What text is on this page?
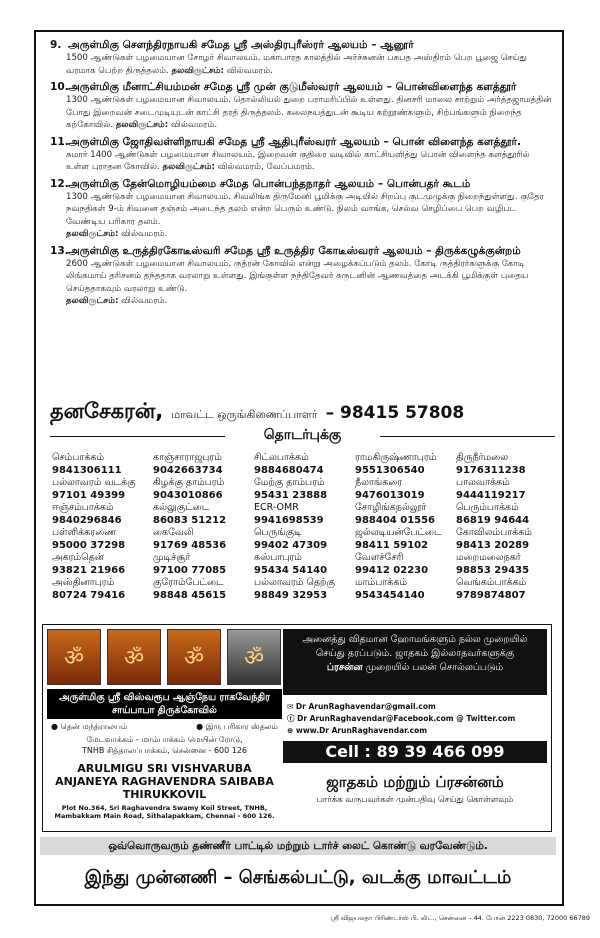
9. அருள்மிகு சௌந்திரநாயகி சமேத ஸ்ரீ அஸ்திரபுரீஸ்ரர் ஆலயம் – ஆனூர்
1500 ஆண்டுகள் பழமையான சோழர் சிவாலயம். மகாபாரத காலத்தில் அர்ச்சுனன் பசுபத அஸ்திரம் பெற பூஜை செய்து வரமாக பெற்ற திருத்தலம். தலவிருட்சம்: வில்வமரம்.
10. அருள்மிகு மீனாட்சியம்மன் சமேத ஸ்ரீ முன் குடுமீஸ்வரர் ஆலயம் – பொன்விளைந்த களத்தூர்
1300 ஆண்டுகள் பழமையான சிவாலயம். தொல்லியல் துறை பராமரிப்பில் உள்ளது. தினசரி மாலை சாற்றும் அர்த்தஜாமத்தின் போது இறைவன் சடைமுடியுடன் காட்சி தரத் திருத்தலம். கலைநயத்துடன் கூடிய கற்றூண்களும், சிற்பங்களும் நிறைந்த கற்கோவில். தலவிருட்சம்: வில்வமரம்.
11. அருள்மிகு ஜோதிவள்ளிநாயகி சமேத ஸ்ரீ ஆதிபுரீஸ்வரர் ஆலயம் – பொன் விளைந்த களத்தூர்.
சுமார் 1400 ஆண்டுகள் பழமையான சிவாலயம். இறைவன் குதிரை வடிவில் காட்சியளித்து பொன் விளைந்த களத்தூரில் உள்ள புராதன கோவில். தலவிருட்சம்: வில்வமரம், வேப்பமரம்.
12. அருள்மிகு தேன்மொழியம்மை சமேத பொன்பந்தநாதர் ஆலயம் – பொன்பதர் கூடம்
1300 ஆண்டுகள் பழமையான சிவாலயம். சிவலிங்க திருமேனி பூமிக்கு அடியில் சிறப்பு குடமுழுக்கு நிறைந்துள்ளது. குதேர நவநதிகள் 9-ம் சிவனை தஞ்சம் அடைந்த தலம் என்ற பெரும் உண்டு. நிலம் வாங்க, செல்வ செழிப்பை பெற வழிபட வேண்டிய பரிகார தலம்.
தலவிருட்சம்: வில்வமரம்.
13. அருள்மிகு உருத்திரகோடீஸ்வரி சமேத ஸ்ரீ உருத்திர கோடீஸ்வரர் ஆலயம் – திருக்கழுக்குன்றம்
2600 ஆண்டுகள் பழமையான சிவாலயம். ருத்ரன் கோவில் என்று அழைக்கப்படும் தலம். கோடி ருத்திரர்களுக்கு கோடி லிங்கமாய் தரிசனம் தந்ததாக வரலாறு உள்ளது. இங்குள்ள நந்திதேவர் கருடனின் ஆணவத்தை அடக்கி பூமிக்குள் புதைய செய்ததாகவும் வரலாறு உண்டு.
தலவிருட்சம்: வில்வமரம்.
தனசேகரன், மாவட்ட ஒருங்கிணைப்பாளர் – 98415 57808
தொடர்புக்கு
செம்பாக்கம்
9841306111
காஞ்சாராஜபுரம்
9042663734
சிட்லபாக்கம்
9884680474
ராமகிருஷ்ணாபுரம்
9551306540
திருநீர்மலை
9176311238
பல்லாவரம் வடக்கு
97101 49399
கிழக்கு தாம்பரம்
9043010866
மேற்கு தாம்பரம்
95431 23888
நீலாங்கரை
9476013019
பாலவாக்கம்
9444119217
ஈஞ்சம்பாக்கம்
9840296846
கல்லுகுட்டை
86083 51212
ECR-OMR
9941698539
சோழிங்கநல்லூர்
988404 01556
பெரும்பாக்கம்
86819 94644
பள்ளிக்கரணை
95000 37298
கைவேலி
91769 48536
பெருங்குடி
99402 47309
ஜல்லடியன்பேட்டை
98411 59102
கோவிலம்பாக்கம்
98413 20289
அகரம்தென்
93821 21966
முடிச்சூர்
97100 77085
கஸ்பாபுரம்
95434 54140
வேளச்சேரி
99412 02230
மறைமலைநகர்
98853 29435
அஸ்தினாபுரம்
80724 79416
குரோம்பேட்டை
98848 45615
பல்லாவரம் தெற்கு
98849 32953
மாம்பாக்கம்
9543454140
வெங்கம்பாக்கம்
9789874807
ॐ ॐ ॐ ॐ
அருள்மிகு ஸ்ரீ விஸ்வரூப ஆஞ்நேய ராகவேந்திர சாய்பாபா திருக்கோவில்
● தென் மந்த்ராலயம்	● இரு பரிகார ஸ்தலம்
மேடவாக்கம் - மாம்பாக்கம் மெயின் ரோடு,
TNHB சித்தாலப்பாக்கம், சென்னை - 600 126
ARULMIGU SRI VISHVARUBA ANJANEYA RAGHAVENDRA SAIBABA THIRUKKOVIL
Plot No.364, Sri Raghavendra Swamy Koil Street, TNHB, Mambakkam Main Road, Sithalapakkam, Chennai - 600 126.
அனைத்து விதமான ஹோமங்களும் நல்ல முறையில் செய்து தரப்படும். ஜாதகம் இல்லாதவர்களுக்கு
ப்ரசன்ன முறையில் பலன் சொல்லப்படும்
✉ Dr ArunRaghavendar@gmail.com
ⓕ Dr ArunRaghavendar@Facebook.com @ Twitter.com
⊕ www.Dr ArunRaghavendar.com
Cell : 89 39 466 099
ஜாதகம் மற்றும் ப்ரசன்னம்
பார்க்க வருபவர்கள் முன்பதிவு செய்து கொள்ளவும்
ஒவ்வொருவரும் தண்ணீர் பாட்டில் மற்றும் டார்ச் லைட் கொண்டு வரவேண்டும்.
இந்து முன்னணி – செங்கல்பட்டு, வடக்கு மாவட்டம்
ஸ்ரீ விஜயலதா பிரிண்டர்ஸ் பி. லிட்., சென்னை – 44. போன் 2223 0830, 72000 66789
